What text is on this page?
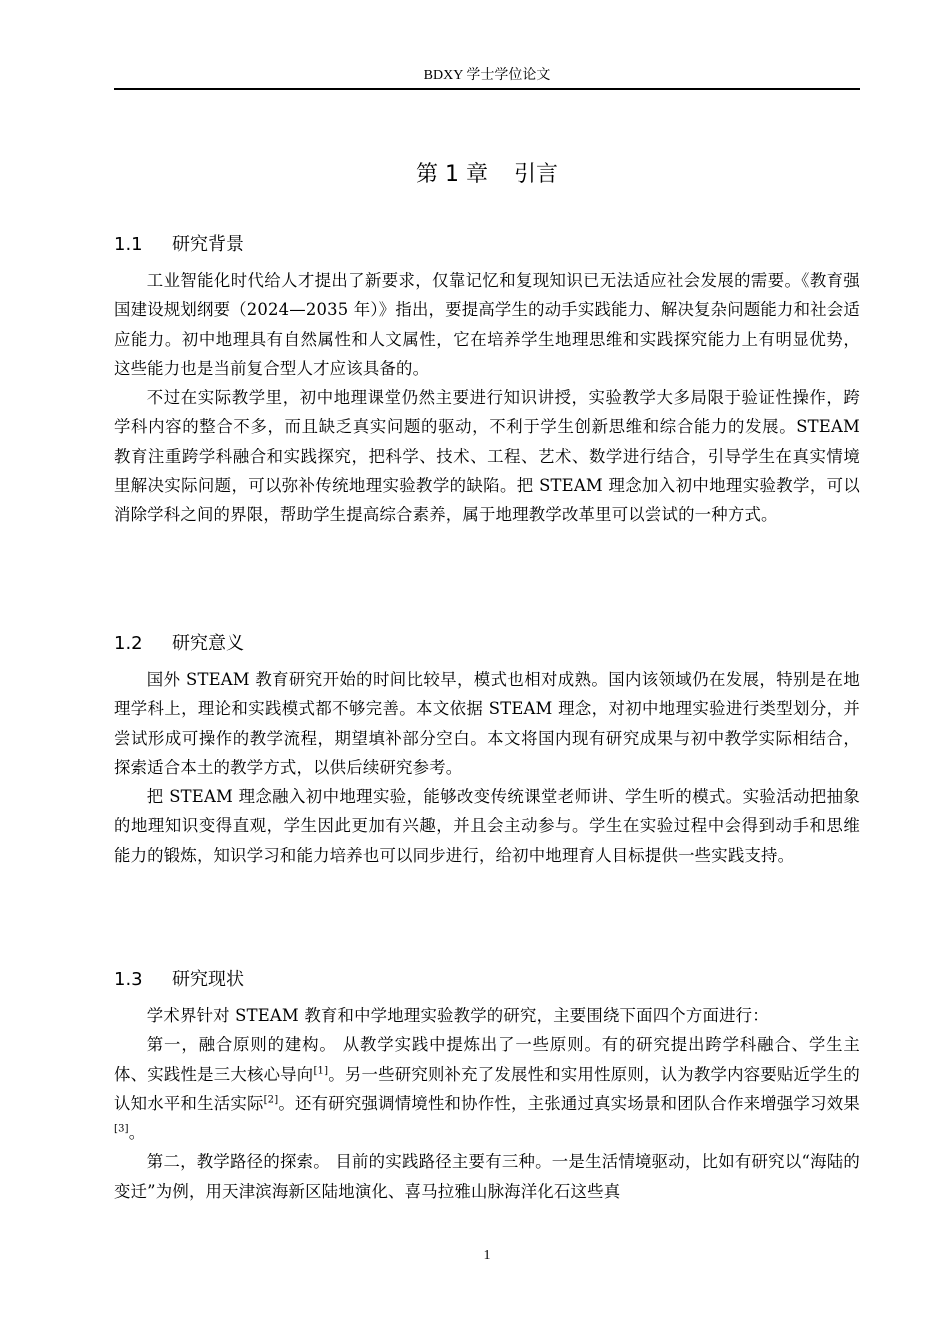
BDXY 学士学位论文
第 1 章 引言
1.1 研究背景

工业智能化时代给人才提出了新要求，仅靠记忆和复现知识已无法适应社会发展的需要。《教育强国建设规划纲要（2024—2035 年）》指出，要提高学生的动手实践能力、解决复杂问题能力和社会适应能力。初中地理具有自然属性和人文属性，它在培养学生地理思维和实践探究能力上有明显优势，这些能力也是当前复合型人才应该具备的。

不过在实际教学里，初中地理课堂仍然主要进行知识讲授，实验教学大多局限于验证性操作，跨学科内容的整合不多，而且缺乏真实问题的驱动，不利于学生创新思维和综合能力的发展。STEAM 教育注重跨学科融合和实践探究，把科学、技术、工程、艺术、数学进行结合，引导学生在真实情境里解决实际问题，可以弥补传统地理实验教学的缺陷。把 STEAM 理念加入初中地理实验教学，可以消除学科之间的界限，帮助学生提高综合素养，属于地理教学改革里可以尝试的一种方式。

1.2 研究意义

国外 STEAM 教育研究开始的时间比较早，模式也相对成熟。国内该领域仍在发展，特别是在地理学科上，理论和实践模式都不够完善。本文依据 STEAM 理念，对初中地理实验进行类型划分，并尝试形成可操作的教学流程，期望填补部分空白。本文将国内现有研究成果与初中教学实际相结合，探索适合本土的教学方式，以供后续研究参考。

把 STEAM 理念融入初中地理实验，能够改变传统课堂老师讲、学生听的模式。实验活动把抽象的地理知识变得直观，学生因此更加有兴趣，并且会主动参与。学生在实验过程中会得到动手和思维能力的锻炼，知识学习和能力培养也可以同步进行，给初中地理育人目标提供一些实践支持。

1.3 研究现状

学术界针对 STEAM 教育和中学地理实验教学的研究，主要围绕下面四个方面进行：

第一，融合原则的建构。 从教学实践中提炼出了一些原则。有的研究提出跨学科融合、学生主体、实践性是三大核心导向[1]。另一些研究则补充了发展性和实用性原则，认为教学内容要贴近学生的认知水平和生活实际[2]。还有研究强调情境性和协作性，主张通过真实场景和团队合作来增强学习效果[3]。

第二，教学路径的探索。 目前的实践路径主要有三种。一是生活情境驱动，比如有研究以“海陆的变迁”为例，用天津滨海新区陆地演化、喜马拉雅山脉海洋化石这些真

1
